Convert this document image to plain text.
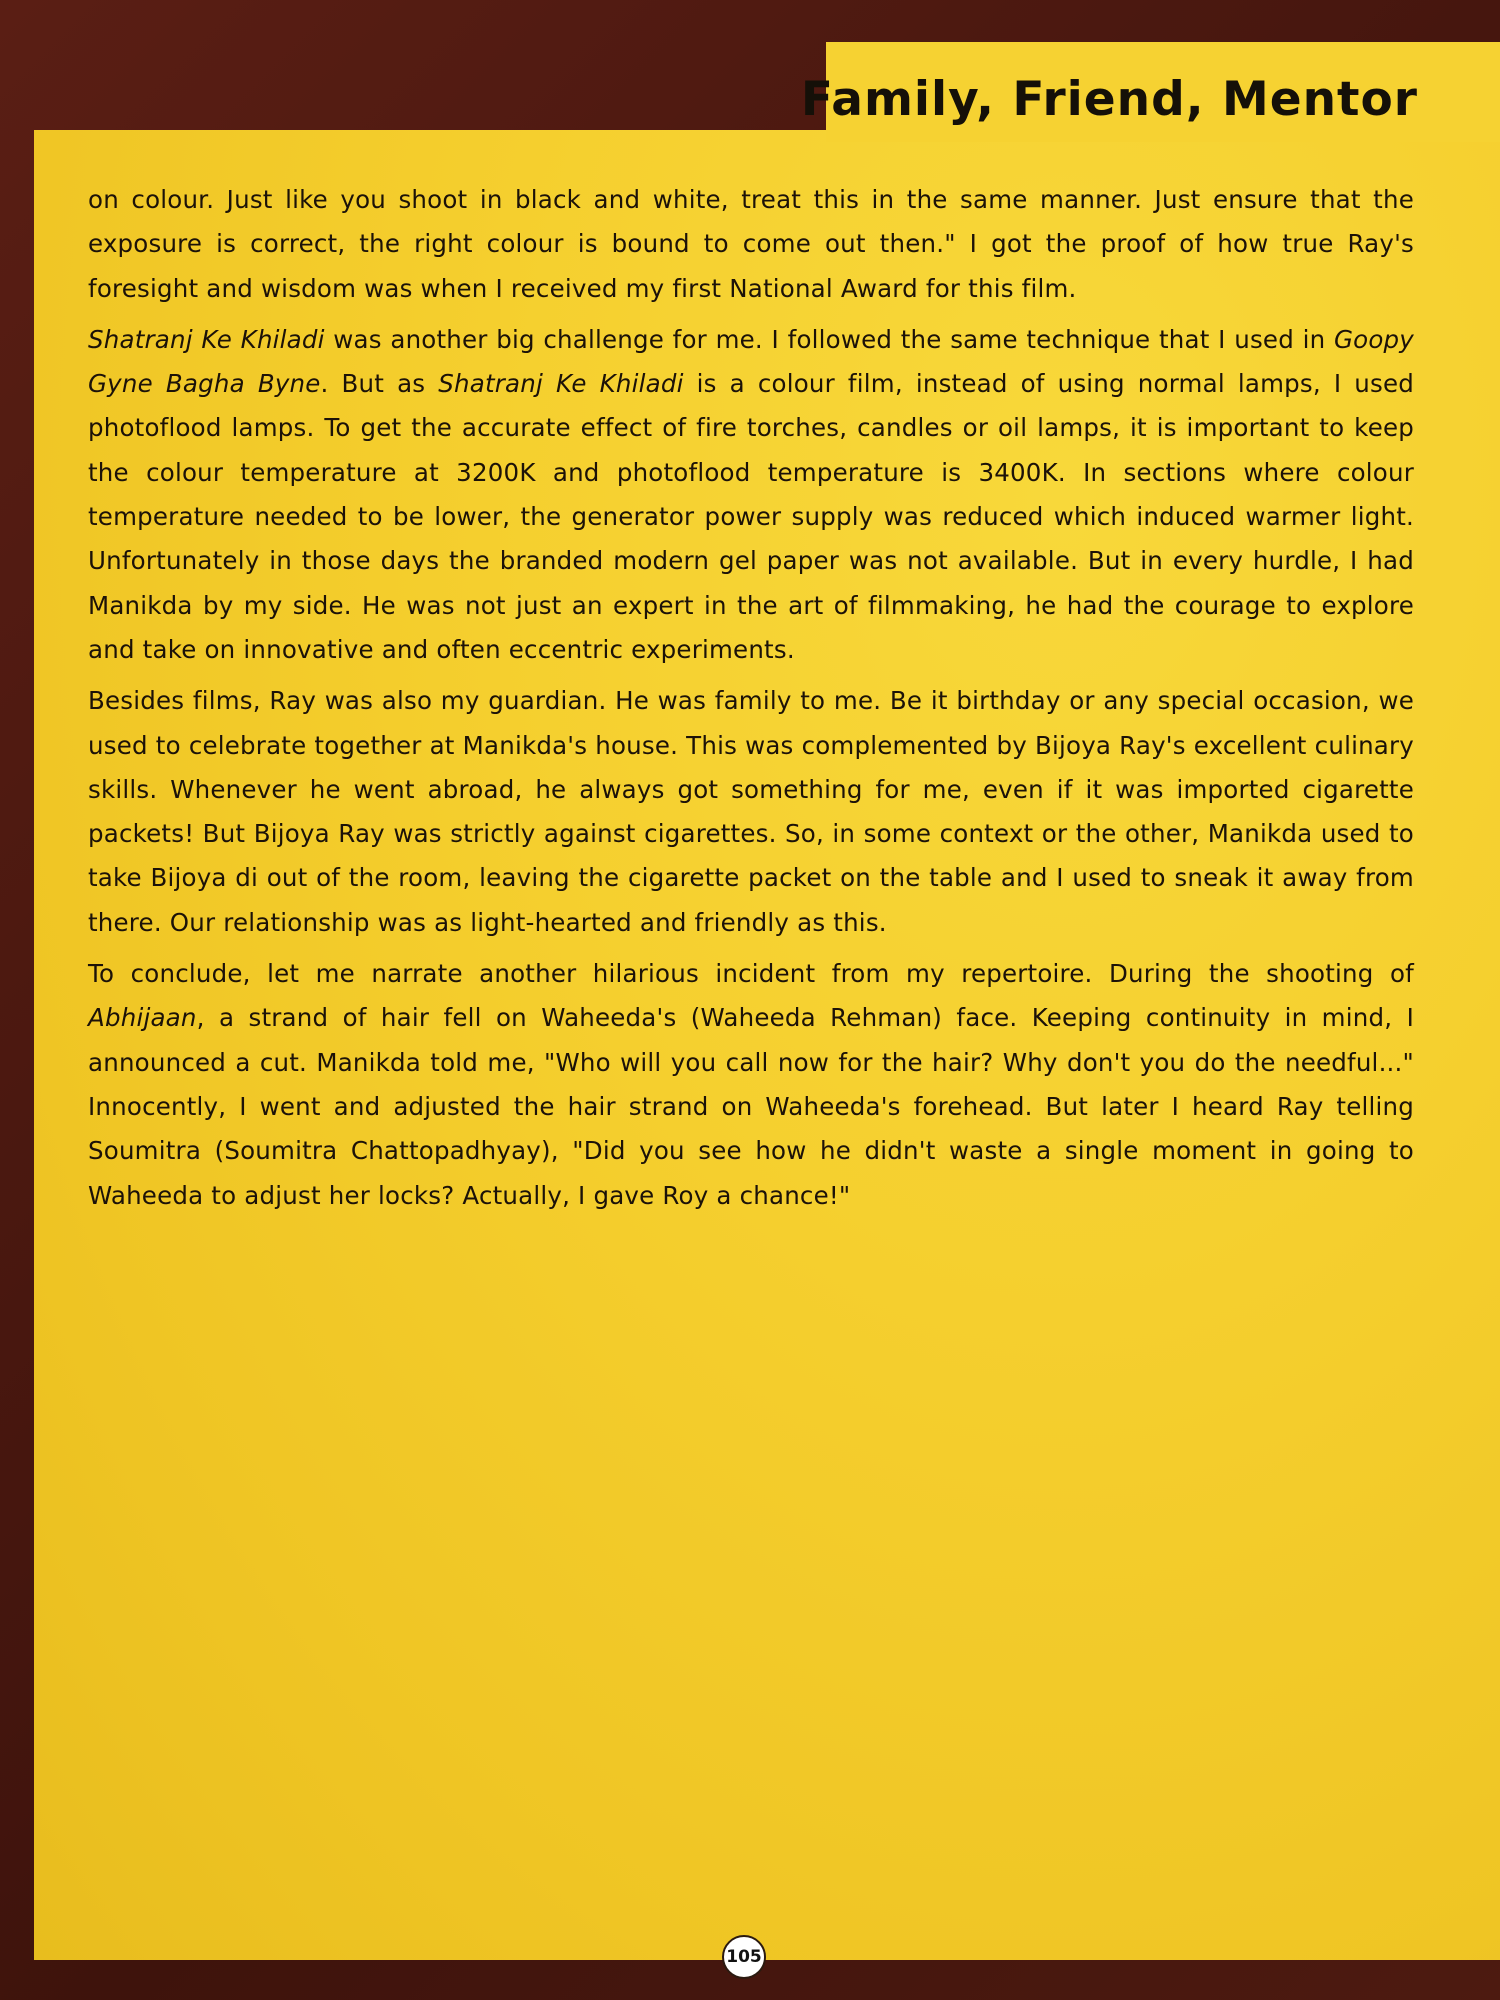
Family, Friend, Mentor

on colour. Just like you shoot in black and white, treat this in the same manner. Just ensure that the exposure is correct, the right colour is bound to come out then." I got the proof of how true Ray's foresight and wisdom was when I received my first National Award for this film.

Shatranj Ke Khiladi was another big challenge for me. I followed the same technique that I used in Goopy Gyne Bagha Byne. But as Shatranj Ke Khiladi is a colour film, instead of using normal lamps, I used photoflood lamps. To get the accurate effect of fire torches, candles or oil lamps, it is important to keep the colour temperature at 3200K and photoflood temperature is 3400K. In sections where colour temperature needed to be lower, the generator power supply was reduced which induced warmer light. Unfortunately in those days the branded modern gel paper was not available. But in every hurdle, I had Manikda by my side. He was not just an expert in the art of filmmaking, he had the courage to explore and take on innovative and often eccentric experiments.

Besides films, Ray was also my guardian. He was family to me. Be it birthday or any special occasion, we used to celebrate together at Manikda's house. This was complemented by Bijoya Ray's excellent culinary skills. Whenever he went abroad, he always got something for me, even if it was imported cigarette packets! But Bijoya Ray was strictly against cigarettes. So, in some context or the other, Manikda used to take Bijoya di out of the room, leaving the cigarette packet on the table and I used to sneak it away from there. Our relationship was as light-hearted and friendly as this.

To conclude, let me narrate another hilarious incident from my repertoire. During the shooting of Abhijaan, a strand of hair fell on Waheeda's (Waheeda Rehman) face. Keeping continuity in mind, I announced a cut. Manikda told me, "Who will you call now for the hair? Why don't you do the needful..." Innocently, I went and adjusted the hair strand on Waheeda's forehead. But later I heard Ray telling Soumitra (Soumitra Chattopadhyay), "Did you see how he didn't waste a single moment in going to Waheeda to adjust her locks? Actually, I gave Roy a chance!"

105
